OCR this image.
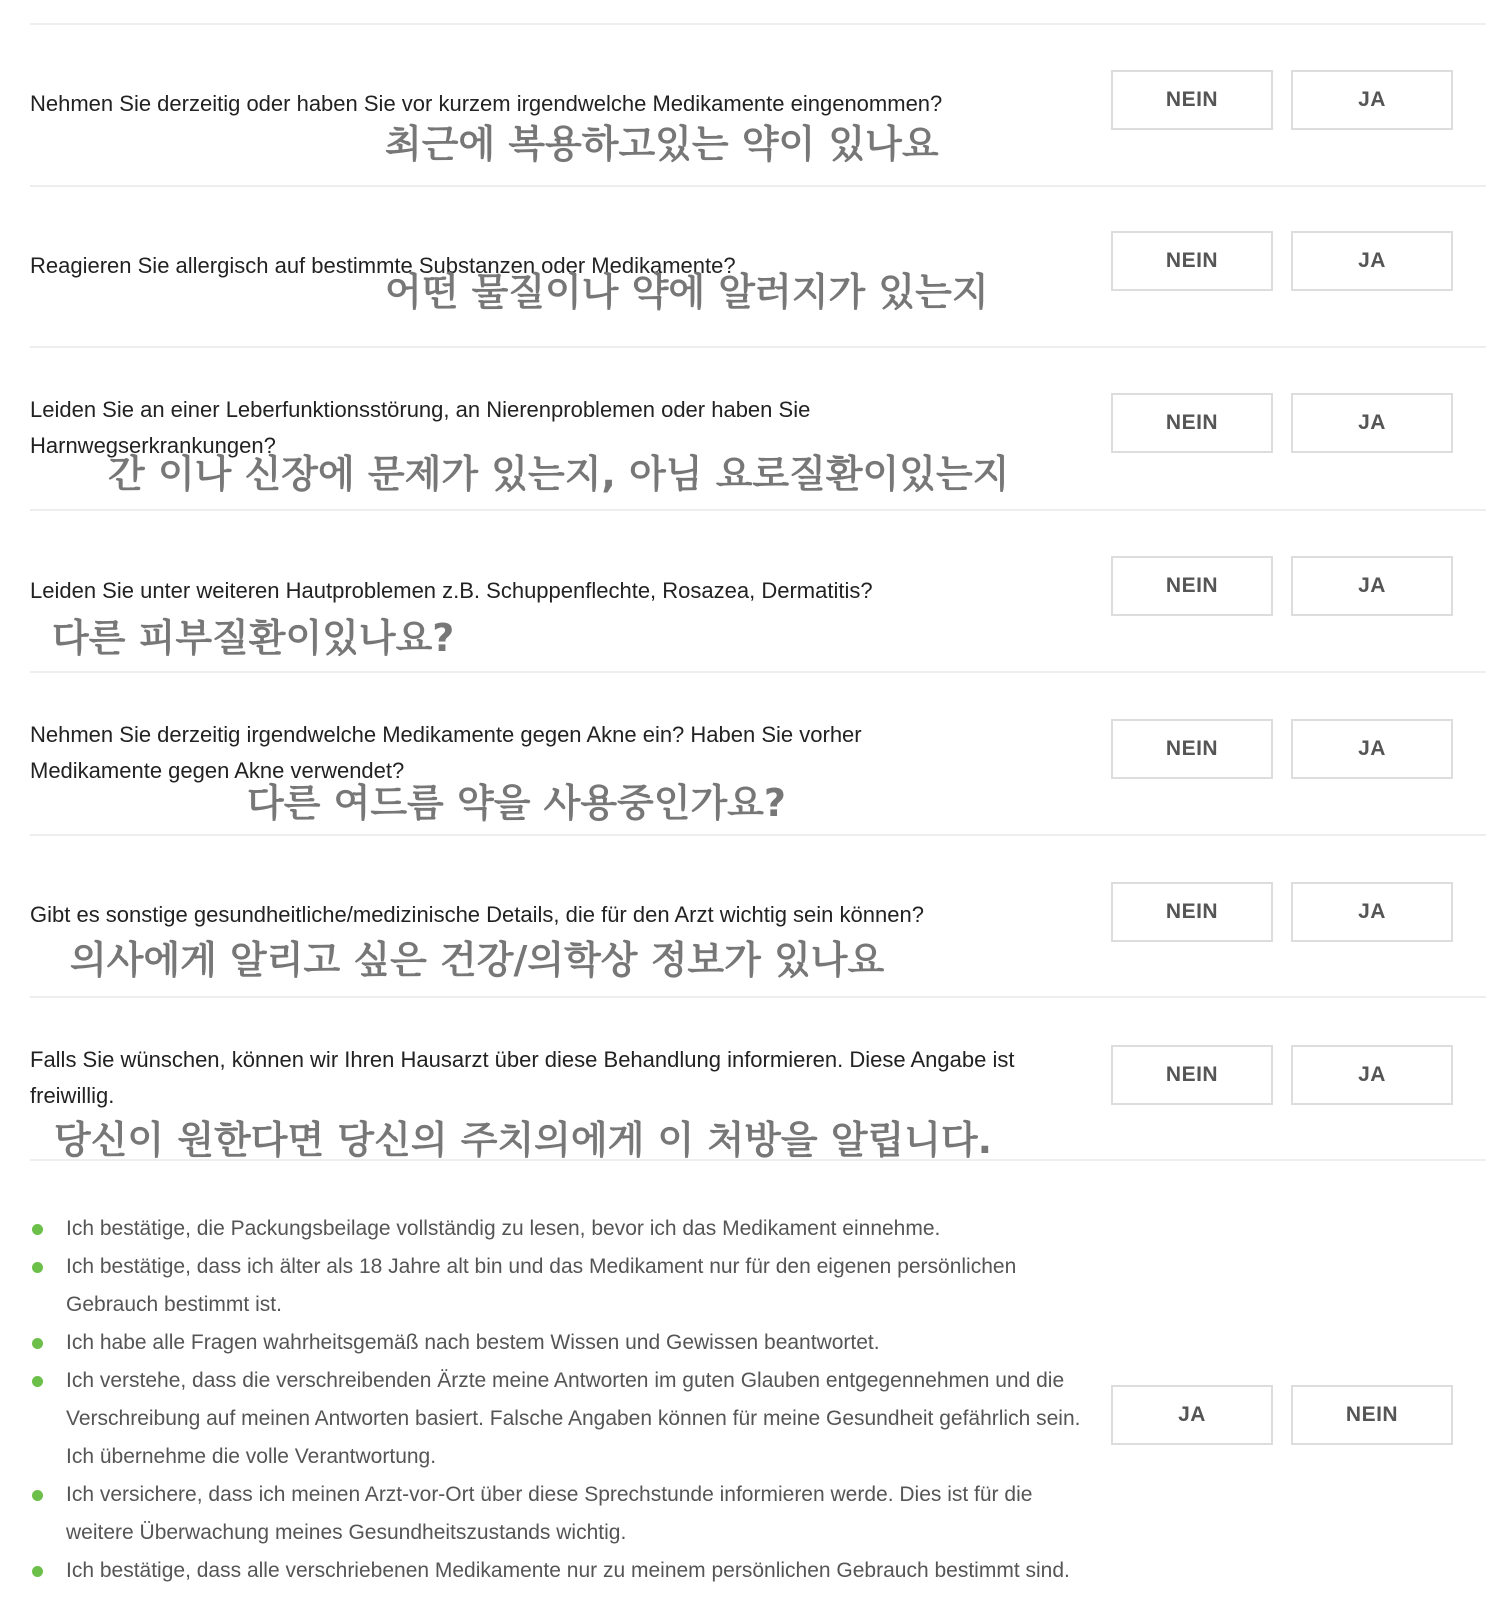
Nehmen Sie derzeitig oder haben Sie vor kurzem irgendwelche Medikamente eingenommen?
최근에 복용하고있는 약이 있나요
NEIN	JA
Reagieren Sie allergisch auf bestimmte Substanzen oder Medikamente?
어떤 물질이나 약에 알러지가 있는지
NEIN	JA
Leiden Sie an einer Leberfunktionsstörung, an Nierenproblemen oder haben Sie Harnwegserkrankungen?
간 이나 신장에 문제가 있는지, 아님 요로질환이있는지
NEIN	JA
Leiden Sie unter weiteren Hautproblemen z.B. Schuppenflechte, Rosazea, Dermatitis?
다른 피부질환이있나요?
NEIN	JA
Nehmen Sie derzeitig irgendwelche Medikamente gegen Akne ein? Haben Sie vorher Medikamente gegen Akne verwendet?
다른 여드름 약을 사용중인가요?
NEIN	JA
Gibt es sonstige gesundheitliche/medizinische Details, die für den Arzt wichtig sein können?
의사에게 알리고 싶은 건강/의학상 정보가 있나요
NEIN	JA
Falls Sie wünschen, können wir Ihren Hausarzt über diese Behandlung informieren. Diese Angabe ist freiwillig.
당신이 원한다면 당신의 주치의에게 이 처방을 알립니다.
NEIN	JA
Ich bestätige, die Packungsbeilage vollständig zu lesen, bevor ich das Medikament einnehme.
Ich bestätige, dass ich älter als 18 Jahre alt bin und das Medikament nur für den eigenen persönlichen Gebrauch bestimmt ist.
Ich habe alle Fragen wahrheitsgemäß nach bestem Wissen und Gewissen beantwortet.
Ich verstehe, dass die verschreibenden Ärzte meine Antworten im guten Glauben entgegennehmen und die Verschreibung auf meinen Antworten basiert. Falsche Angaben können für meine Gesundheit gefährlich sein. Ich übernehme die volle Verantwortung.
Ich versichere, dass ich meinen Arzt-vor-Ort über diese Sprechstunde informieren werde. Dies ist für die weitere Überwachung meines Gesundheitszustands wichtig.
Ich bestätige, dass alle verschriebenen Medikamente nur zu meinem persönlichen Gebrauch bestimmt sind.
JA	NEIN
